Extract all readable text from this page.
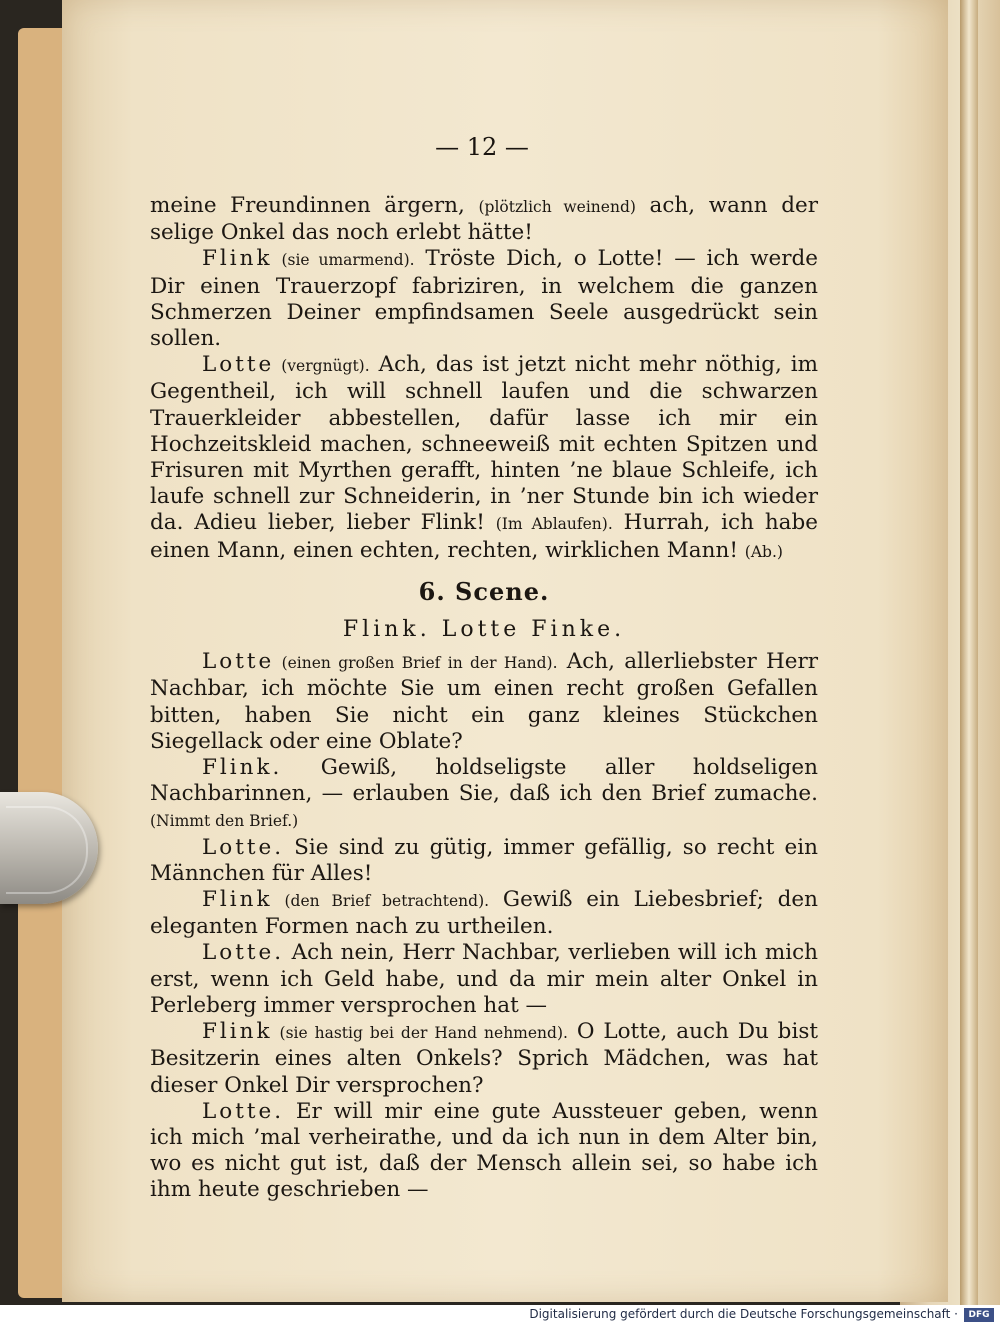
— 12 —

meine Freundinnen ärgern, (plötzlich weinend) ach, wann der selige Onkel das noch erlebt hätte!

Flink (sie umarmend). Tröste Dich, o Lotte! — ich werde Dir einen Trauerzopf fabriziren, in welchem die ganzen Schmerzen Deiner empfindsamen Seele ausgedrückt sein sollen.

Lotte (vergnügt). Ach, das ist jetzt nicht mehr nöthig, im Gegentheil, ich will schnell laufen und die schwarzen Trauerkleider abbestellen, dafür lasse ich mir ein Hochzeitskleid machen, schneeweiß mit echten Spitzen und Frisuren mit Myrthen gerafft, hinten ’ne blaue Schleife, ich laufe schnell zur Schneiderin, in ’ner Stunde bin ich wieder da. Adieu lieber, lieber Flink! (Im Ablaufen). Hurrah, ich habe einen Mann, einen echten, rechten, wirklichen Mann! (Ab.)

6. Scene.

Flink. Lotte Finke.

Lotte (einen großen Brief in der Hand). Ach, allerliebster Herr Nachbar, ich möchte Sie um einen recht großen Gefallen bitten, haben Sie nicht ein ganz kleines Stückchen Siegellack oder eine Oblate?

Flink. Gewiß, holdseligste aller holdseligen Nachbarinnen, — erlauben Sie, daß ich den Brief zumache. (Nimmt den Brief.)

Lotte. Sie sind zu gütig, immer gefällig, so recht ein Männchen für Alles!

Flink (den Brief betrachtend). Gewiß ein Liebesbrief; den eleganten Formen nach zu urtheilen.

Lotte. Ach nein, Herr Nachbar, verlieben will ich mich erst, wenn ich Geld habe, und da mir mein alter Onkel in Perleberg immer versprochen hat —

Flink (sie hastig bei der Hand nehmend). O Lotte, auch Du bist Besitzerin eines alten Onkels? Sprich Mädchen, was hat dieser Onkel Dir versprochen?

Lotte. Er will mir eine gute Aussteuer geben, wenn ich mich ’mal verheirathe, und da ich nun in dem Alter bin, wo es nicht gut ist, daß der Mensch allein sei, so habe ich ihm heute geschrieben —

Digitalisierung gefördert durch die Deutsche Forschungsgemeinschaft ·	DFG
